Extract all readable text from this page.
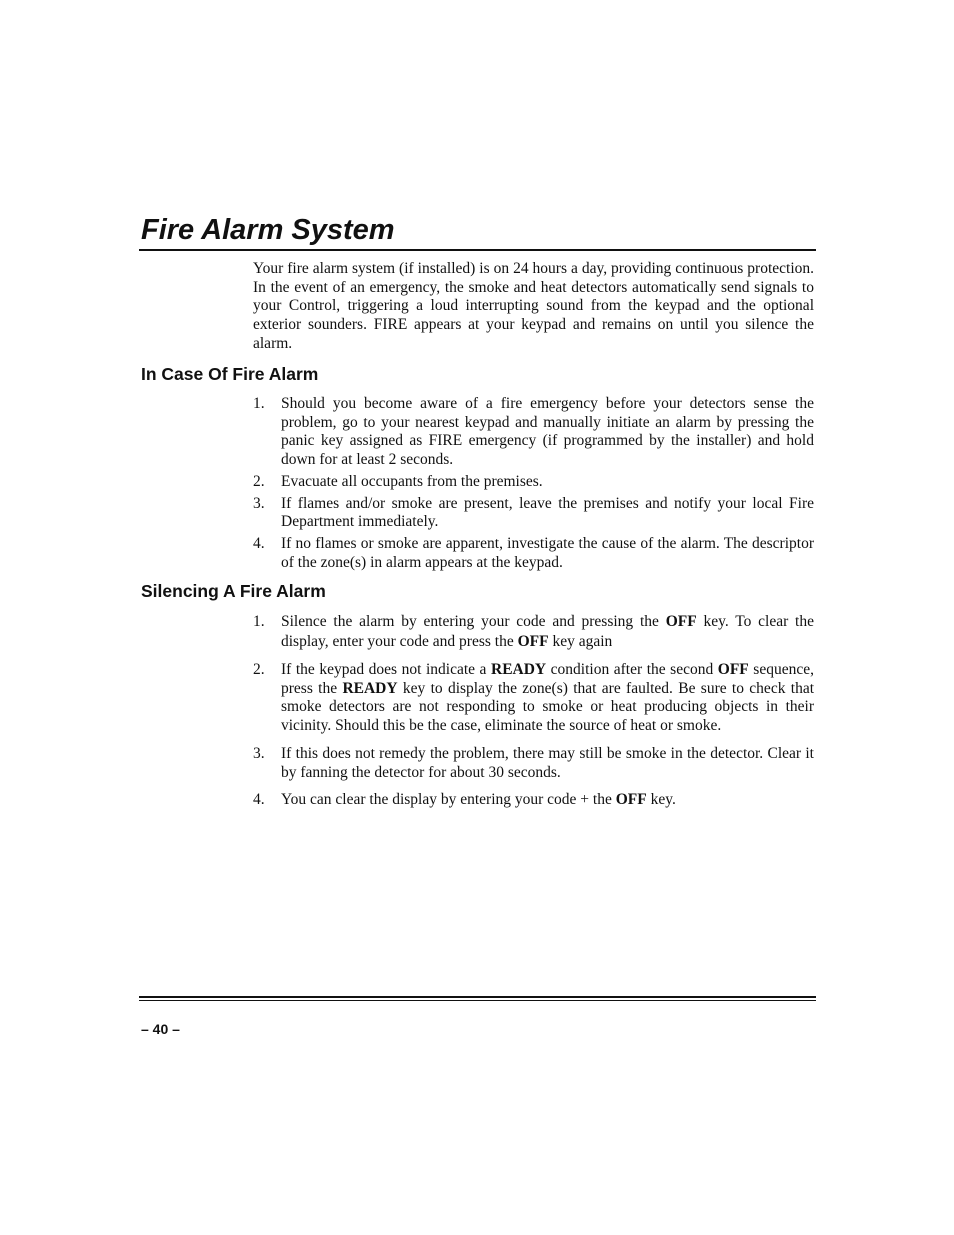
Fire Alarm System

Your fire alarm system (if installed) is on 24 hours a day, providing continuous protection. In the event of an emergency, the smoke and heat detectors automatically send signals to your Control, triggering a loud interrupting sound from the keypad and the optional exterior sounders. FIRE appears at your keypad and remains on until you silence the alarm.

In Case Of Fire Alarm
1.	Should you become aware of a fire emergency before your detectors sense the problem, go to your nearest keypad and manually initiate an alarm by pressing the panic key assigned as FIRE emergency (if programmed by the installer) and hold down for at least 2 seconds.
2.	Evacuate all occupants from the premises.
3.	If flames and/or smoke are present, leave the premises and notify your local Fire Department immediately.
4.	If no flames or smoke are apparent, investigate the cause of the alarm. The descriptor of the zone(s) in alarm appears at the keypad.
Silencing A Fire Alarm
1.	Silence the alarm by entering your code and pressing the OFF key. To clear the display, enter your code and press the OFF key again
2.	If the keypad does not indicate a READY condition after the second OFF sequence, press the READY key to display the zone(s) that are faulted. Be sure to check that smoke detectors are not responding to smoke or heat producing objects in their vicinity. Should this be the case, eliminate the source of heat or smoke.
3.	If this does not remedy the problem, there may still be smoke in the detector. Clear it by fanning the detector for about 30 seconds.
4.	You can clear the display by entering your code + the OFF key.

– 40 –
